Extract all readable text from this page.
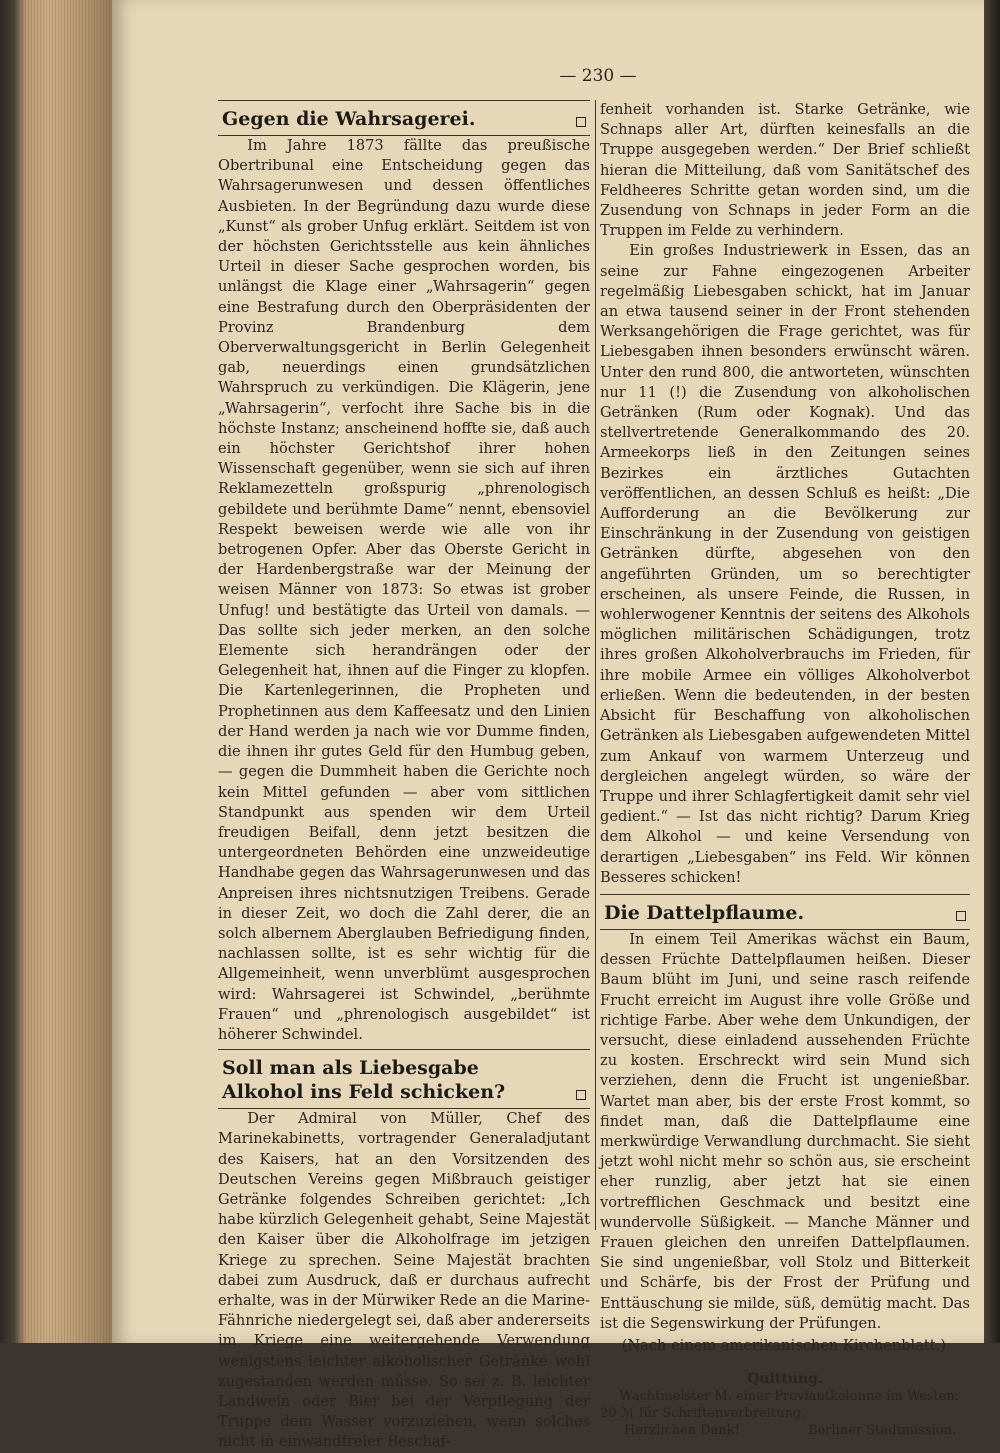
— 230 —
Gegen die Wahrsagerei.

Im Jahre 1873 fällte das preußische Obertribunal eine Entscheidung gegen das Wahrsagerunwesen und dessen öffentliches Ausbieten. In der Begründung dazu wurde diese „Kunst“ als grober Unfug erklärt. Seitdem ist von der höchsten Gerichtsstelle aus kein ähnliches Urteil in dieser Sache gesprochen worden, bis unlängst die Klage einer „Wahrsagerin“ gegen eine Bestrafung durch den Oberpräsidenten der Provinz Brandenburg dem Oberverwaltungsgericht in Berlin Gelegenheit gab, neuerdings einen grundsätzlichen Wahrspruch zu verkündigen. Die Klägerin, jene „Wahrsagerin“, verfocht ihre Sache bis in die höchste Instanz; anscheinend hoffte sie, daß auch ein höchster Gerichtshof ihrer hohen Wissenschaft gegenüber, wenn sie sich auf ihren Reklamezetteln großspurig „phrenologisch gebildete und berühmte Dame“ nennt, ebensoviel Respekt beweisen werde wie alle von ihr betrogenen Opfer. Aber das Oberste Gericht in der Hardenbergstraße war der Meinung der weisen Männer von 1873: So etwas ist grober Unfug! und bestätigte das Urteil von damals. — Das sollte sich jeder merken, an den solche Elemente sich herandrängen oder der Gelegenheit hat, ihnen auf die Finger zu klopfen. Die Kartenlegerinnen, die Propheten und Prophetinnen aus dem Kaffeesatz und den Linien der Hand werden ja nach wie vor Dumme finden, die ihnen ihr gutes Geld für den Humbug geben, — gegen die Dummheit haben die Gerichte noch kein Mittel gefunden — aber vom sittlichen Standpunkt aus spenden wir dem Urteil freudigen Beifall, denn jetzt besitzen die untergeordneten Behörden eine unzweideutige Handhabe gegen das Wahrsagerunwesen und das Anpreisen ihres nichtsnutzigen Treibens. Gerade in dieser Zeit, wo doch die Zahl derer, die an solch albernem Aberglauben Befriedigung finden, nachlassen sollte, ist es sehr wichtig für die Allgemeinheit, wenn unverblümt ausgesprochen wird: Wahrsagerei ist Schwindel, „berühmte Frauen“ und „phrenologisch ausgebildet“ ist höherer Schwindel.

Soll man als Liebesgabe Alkohol ins Feld schicken?

Der Admiral von Müller, Chef des Marinekabinetts, vortragender Generaladjutant des Kaisers, hat an den Vorsitzenden des Deutschen Vereins gegen Mißbrauch geistiger Getränke folgendes Schreiben gerichtet: „Ich habe kürzlich Gelegenheit gehabt, Seine Majestät den Kaiser über die Alkoholfrage im jetzigen Kriege zu sprechen. Seine Majestät brachten dabei zum Ausdruck, daß er durchaus aufrecht erhalte, was in der Mürwiker Rede an die Marine-Fähnriche niedergelegt sei, daß aber andererseits im Kriege eine weitergehende Verwendung wenigstens leichter alkoholischer Getränke wohl zugestanden werden müsse. So sei z. B. leichter Landwein oder Bier bei der Verpflegung der Truppe dem Wasser vorzuziehen, wenn solches nicht in einwandfreier Beschaf-

fenheit vorhanden ist. Starke Getränke, wie Schnaps aller Art, dürften keinesfalls an die Truppe ausgegeben werden.“ Der Brief schließt hieran die Mitteilung, daß vom Sanitätschef des Feldheeres Schritte getan worden sind, um die Zusendung von Schnaps in jeder Form an die Truppen im Felde zu verhindern.

Ein großes Industriewerk in Essen, das an seine zur Fahne eingezogenen Arbeiter regelmäßig Liebesgaben schickt, hat im Januar an etwa tausend seiner in der Front stehenden Werksangehörigen die Frage gerichtet, was für Liebesgaben ihnen besonders erwünscht wären. Unter den rund 800, die antworteten, wünschten nur 11 (!) die Zusendung von alkoholischen Getränken (Rum oder Kognak). Und das stellvertretende Generalkommando des 20. Armeekorps ließ in den Zeitungen seines Bezirkes ein ärztliches Gutachten veröffentlichen, an dessen Schluß es heißt: „Die Aufforderung an die Bevölkerung zur Einschränkung in der Zusendung von geistigen Getränken dürfte, abgesehen von den angeführten Gründen, um so berechtigter erscheinen, als unsere Feinde, die Russen, in wohlerwogener Kenntnis der seitens des Alkohols möglichen militärischen Schädigungen, trotz ihres großen Alkoholverbrauchs im Frieden, für ihre mobile Armee ein völliges Alkoholverbot erließen. Wenn die bedeutenden, in der besten Absicht für Beschaffung von alkoholischen Getränken als Liebesgaben aufgewendeten Mittel zum Ankauf von warmem Unterzeug und dergleichen angelegt würden, so wäre der Truppe und ihrer Schlagfertigkeit damit sehr viel gedient.“ — Ist das nicht richtig? Darum Krieg dem Alkohol — und keine Versendung von derartigen „Liebesgaben“ ins Feld. Wir können Besseres schicken!

Die Dattelpflaume.

In einem Teil Amerikas wächst ein Baum, dessen Früchte Dattelpflaumen heißen. Dieser Baum blüht im Juni, und seine rasch reifende Frucht erreicht im August ihre volle Größe und richtige Farbe. Aber wehe dem Unkundigen, der versucht, diese einladend aussehenden Früchte zu kosten. Erschreckt wird sein Mund sich verziehen, denn die Frucht ist ungenießbar. Wartet man aber, bis der erste Frost kommt, so findet man, daß die Dattelpflaume eine merkwürdige Verwandlung durchmacht. Sie sieht jetzt wohl nicht mehr so schön aus, sie erscheint eher runzlig, aber jetzt hat sie einen vortrefflichen Geschmack und besitzt eine wundervolle Süßigkeit. — Manche Männer und Frauen gleichen den unreifen Dattelpflaumen. Sie sind ungenießbar, voll Stolz und Bitterkeit und Schärfe, bis der Frost der Prüfung und Enttäuschung sie milde, süß, demütig macht. Das ist die Segenswirkung der Prüfungen.

(Nach einem amerikanischen Kirchenblatt.)
Quittung.
Wachtmeister M. einer Proviantkolonne im Westen: 20 ℳ für Schriftenverbreitung.
Herzlichen Dank!	Berliner Stadtmission.
